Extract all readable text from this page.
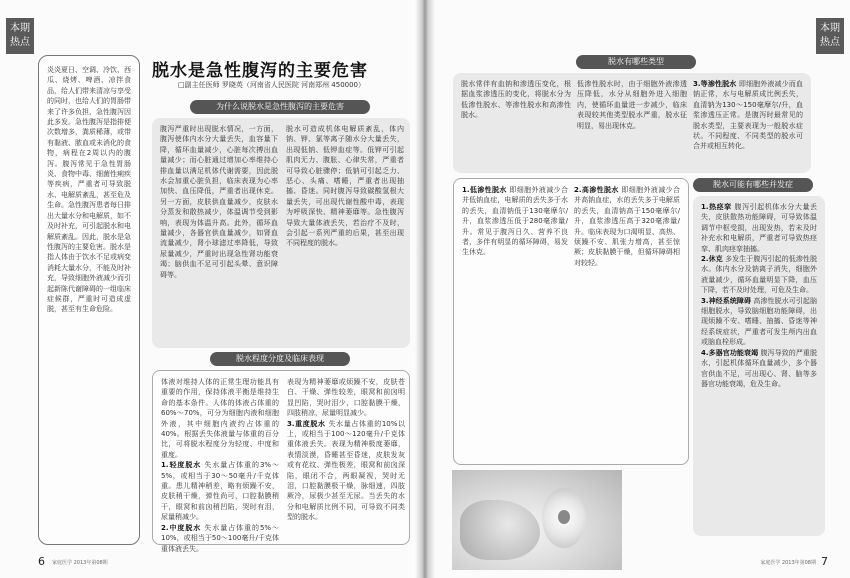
本期
热点

炎炎夏日、空调、冷饮、西瓜、烧烤、啤酒、凉拌食品，给人们带来清凉与享受的同时，也给人们的胃肠带来了许多负担，急性腹泻因此多发。急性腹泻是指排便次数增多，粪质稀薄，或带有黏液、脓血或未消化的食物，病程在2周以内的腹泻。腹泻常见于急性胃肠炎、食物中毒、细菌性痢疾等疾病，严重者可导致脱水、电解质紊乱，甚至危及生命。急性腹泻患者每日排出大量水分和电解质，如不及时补充，可引起脱水和电解质紊乱。因此，脱水是急性腹泻的主要危害。脱水是指人体由于饮水不足或病变消耗大量水分，不能及时补充，导致细胞外液减少而引起新陈代谢障碍的一组临床症候群，严重时可造成虚脱，甚至有生命危险。

脱水是急性腹泻的主要危害
□副主任医师 罗晓英（河南省人民医院 河南郑州 450000）
为什么说脱水是急性腹泻的主要危害

腹泻严重时出现脱水情况，一方面，腹泻使体内水分大量丢失，血容量下降，循环血量减少，心脏每次搏出血量减少；而心脏通过增加心率维持心排血量以满足机体代谢需要，因此脱水会加重心脏负担，临床表现为心率加快、血压降低，严重者出现休克。另一方面，皮肤供血量减少，皮肤水分蒸发和散热减少，体温调节受到影响，表现为体温升高。此外，循环血量减少，各器官供血量减少，如肾血流量减少，肾小球滤过率降低，导致尿量减少，严重时出现急性肾功能衰竭；脑供血不足可引起头晕、意识障碍等。

脱水可造成机体电解质紊乱，体内钠、钾、氯等离子随水分大量丢失，出现低钠、低钾血症等。低钾可引起肌肉无力、腹胀、心律失常，严重者可导致心脏骤停；低钠可引起乏力、恶心、头痛、嗜睡，严重者出现抽搐、昏迷。同时腹泻导致碳酸氢根大量丢失，可出现代谢性酸中毒，表现为呼吸深快、精神萎靡等。急性腹泻导致大量体液丢失，若治疗不及时，会引起一系列严重的后果，甚至出现不同程度的脱水。

脱水程度分度及临床表现

体液对维持人体的正常生理功能具有重要的作用，保持体液平衡是维持生命的基本条件。人体的体液占体重的60%～70%，可分为细胞内液和细胞外液，其中细胞内液约占体重的40%。根据丢失体液量与体重的百分比，可将脱水程度分为轻度、中度和重度。

1.轻度脱水 失水量占体重的3%～5%，或相当于30～50毫升/千克体重。患儿精神稍差，略有烦躁不安，皮肤稍干燥，弹性尚可，口腔黏膜稍干，眼窝和前囟稍凹陷，哭时有泪，尿量稍减少。

2.中度脱水 失水量占体重的5%～10%，或相当于50～100毫升/千克体重体液丢失。

表现为精神萎靡或烦躁不安，皮肤苍白、干燥、弹性较差，眼窝和前囟明显凹陷，哭时泪少，口腔黏膜干燥，四肢稍凉，尿量明显减少。

3.重度脱水 失水量占体重的10%以上，或相当于100～120毫升/千克体重体液丢失。表现为精神极度萎靡，表情淡漠，昏睡甚至昏迷，皮肤发灰或有花纹、弹性极差，眼窝和前囟深陷，眼闭不合，两眼凝视，哭时无泪，口腔黏膜极干燥，脉细速，四肢厥冷，尿极少甚至无尿。当丢失的水分和电解质比例不同，可导致不同类型的脱水。

6 家庭医学 2013年第08期
本期
热点
脱水有哪些类型

脱水常伴有血钠和渗透压变化，根据血浆渗透压的变化，将脱水分为低渗性脱水、等渗性脱水和高渗性脱水。

低渗性脱水时，由于细胞外液渗透压降低，水分从细胞外进入细胞内，使循环血量进一步减少，临床表现较其他类型脱水严重，脱水征明显，易出现休克。

3.等渗性脱水 即细胞外液减少而血钠正常，水与电解质成比例丢失，血清钠为130～150毫摩尔/升，血浆渗透压正常。是腹泻时最常见的脱水类型，主要表现为一般脱水症状。不同程度、不同类型的脱水可合并或相互转化。

1.低渗性脱水 即细胞外液减少合并低钠血症，电解质的丢失多于水的丢失，血清钠低于130毫摩尔/升，血浆渗透压低于280毫渗量/升。常见于腹泻日久、营养不良者，多伴有明显的循环障碍，易发生休克。

2.高渗性脱水 即细胞外液减少合并高钠血症，水的丢失多于电解质的丢失，血清钠高于150毫摩尔/升，血浆渗透压高于320毫渗量/升。临床表现为口渴明显、高热、烦躁不安、肌张力增高，甚至惊厥；皮肤黏膜干燥，但循环障碍相对较轻。

脱水可能有哪些并发症

1.热痉挛 腹泻引起机体水分大量丢失，皮肤散热功能障碍，可导致体温调节中枢受损，出现发热，若未及时补充水和电解质，严重者可导致热痉挛、肌肉痉挛抽搐。

2.休克 多发生于腹泻引起的低渗性脱水。体内水分及钠离子消失，细胞外液量减少，循环血量明显下降，血压下降，若不及时处理，可危及生命。

3.神经系统障碍 高渗性脱水可引起脑细胞脱水，导致脑细胞功能障碍，出现烦躁不安、嗜睡、抽搐、昏迷等神经系统症状，严重者可发生颅内出血或脑血栓形成。

4.多器官功能衰竭 腹泻导致的严重脱水，引起机体循环血量减少，多个器官供血不足，可出现心、肾、脑等多器官功能衰竭，危及生命。

家庭医学 2013年第08期 7
